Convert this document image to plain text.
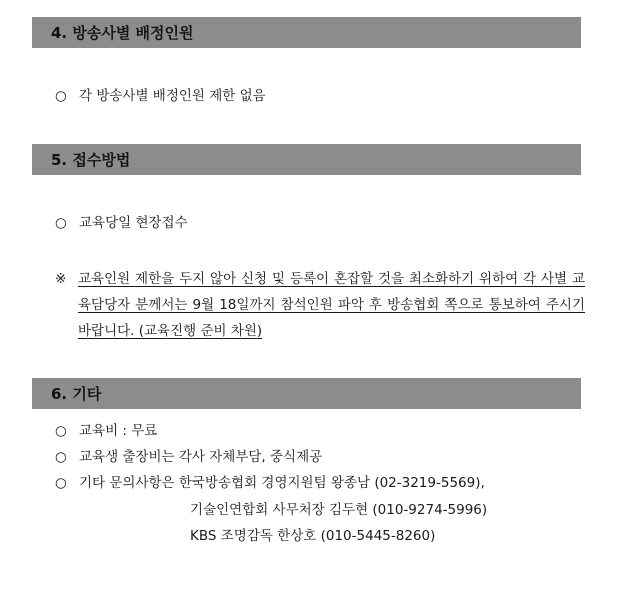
4. 방송사별 배정인원
○ 각 방송사별 배정인원 제한 없음
5. 접수방법
○ 교육당일 현장접수
※ 교육인원 제한을 두지 않아 신청 및 등록이 혼잡할 것을 최소화하기 위하여 각 사별 교육담당자 분께서는 9월 18일까지 참석인원 파악 후 방송협회 쪽으로 통보하여 주시기 바랍니다. (교육진행 준비 차원)
6. 기타
○ 교육비 : 무료
○ 교육생 출장비는 각사 자체부담, 중식제공
○ 기타 문의사항은 한국방송협회 경영지원팀 왕종남 (02-3219-5569),
기술인연합회 사무처장 김두현 (010-9274-5996)
KBS 조명감독 한상호 (010-5445-8260)
